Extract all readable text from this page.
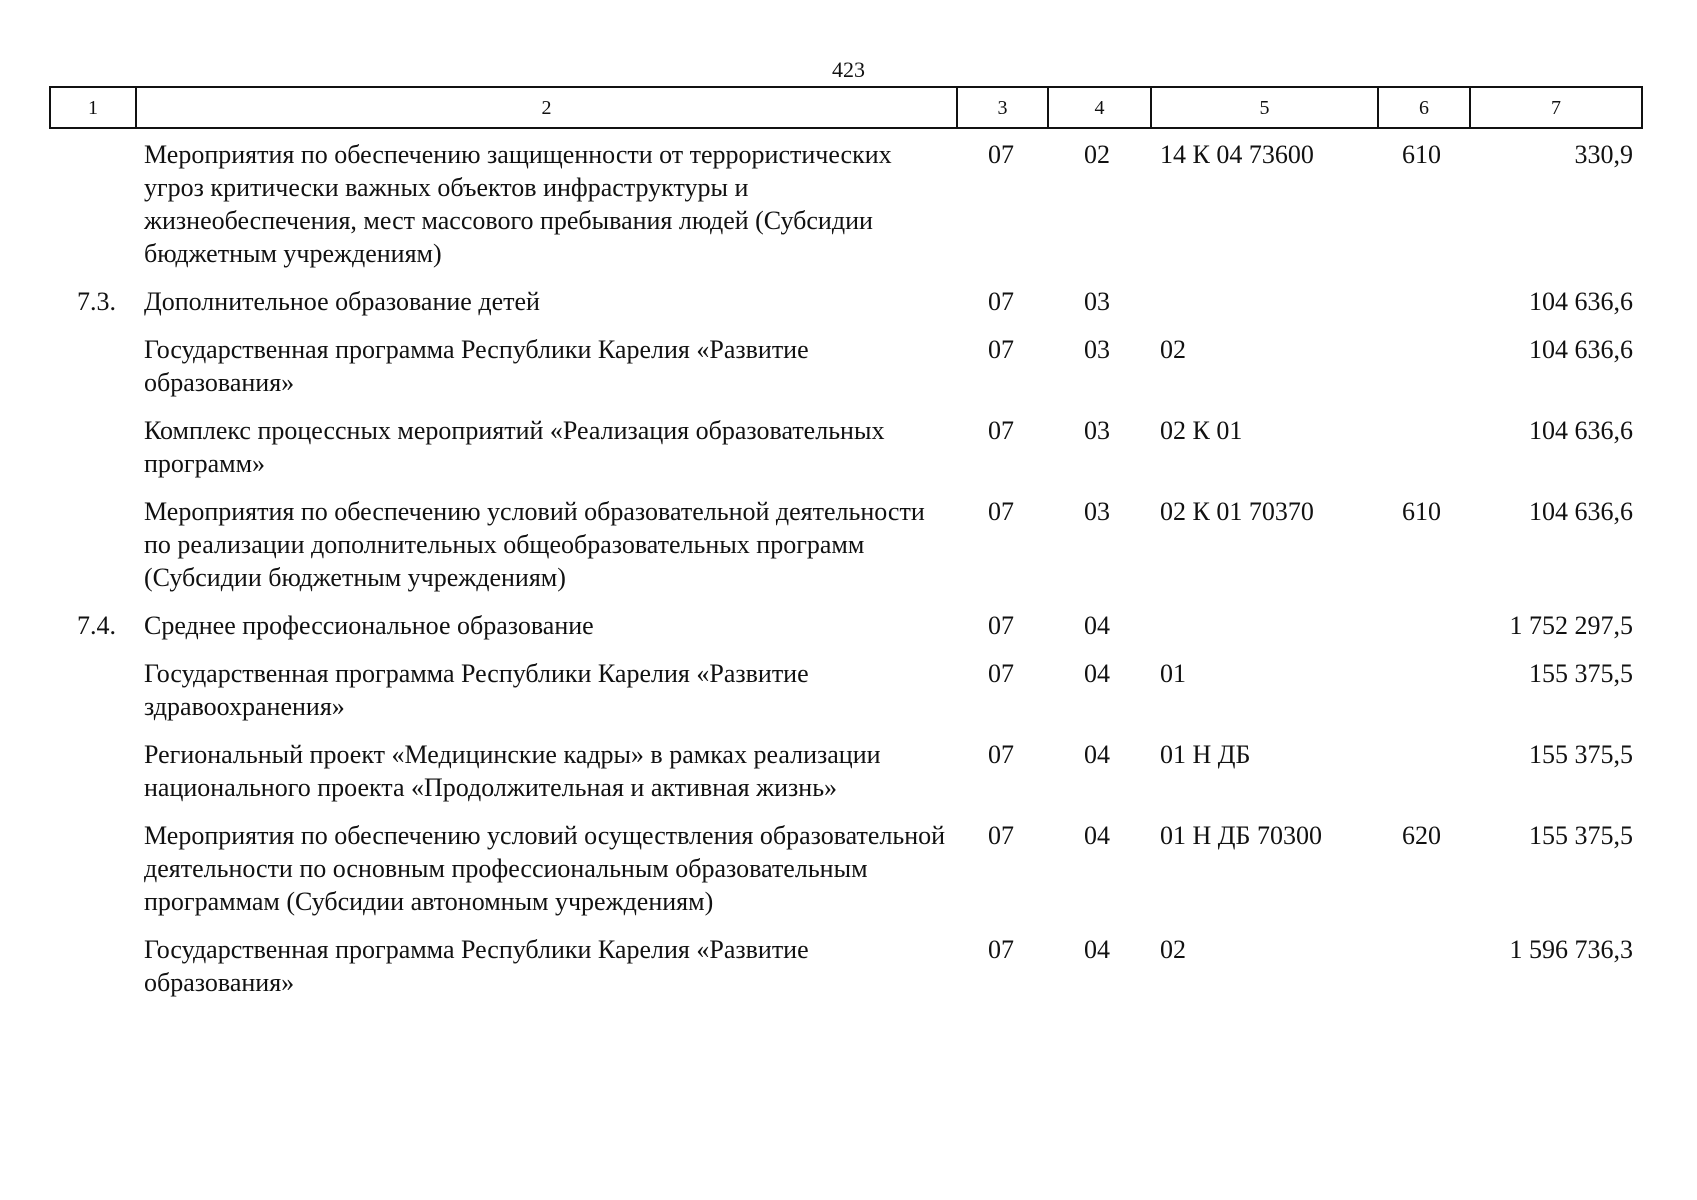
423
1	2	3	4	5	6	7
	Мероприятия по обеспечению защищенности от террористических угроз критически важных объектов инфраструктуры и жизнеобеспечения, мест массового пребывания людей (Субсидии бюджетным учреждениям)	07	02	14 К 04 73600	610	330,9
7.3.	Дополнительное образование детей	07	03			104 636,6
	Государственная программа Республики Карелия «Развитие образования»	07	03	02		104 636,6
	Комплекс процессных мероприятий «Реализация образовательных программ»	07	03	02 К 01		104 636,6
	Мероприятия по обеспечению условий образовательной деятельности по реализации дополнительных общеобразовательных программ (Субсидии бюджетным учреждениям)	07	03	02 К 01 70370	610	104 636,6
7.4.	Среднее профессиональное образование	07	04			1 752 297,5
	Государственная программа Республики Карелия «Развитие здравоохранения»	07	04	01		155 375,5
	Региональный проект «Медицинские кадры» в рамках реализации национального проекта «Продолжительная и активная жизнь»	07	04	01 Н ДБ		155 375,5
	Мероприятия по обеспечению условий осуществления образовательной деятельности по основным профессиональным образовательным программам (Субсидии автономным учреждениям)	07	04	01 Н ДБ 70300	620	155 375,5
	Государственная программа Республики Карелия «Развитие образования»	07	04	02		1 596 736,3
